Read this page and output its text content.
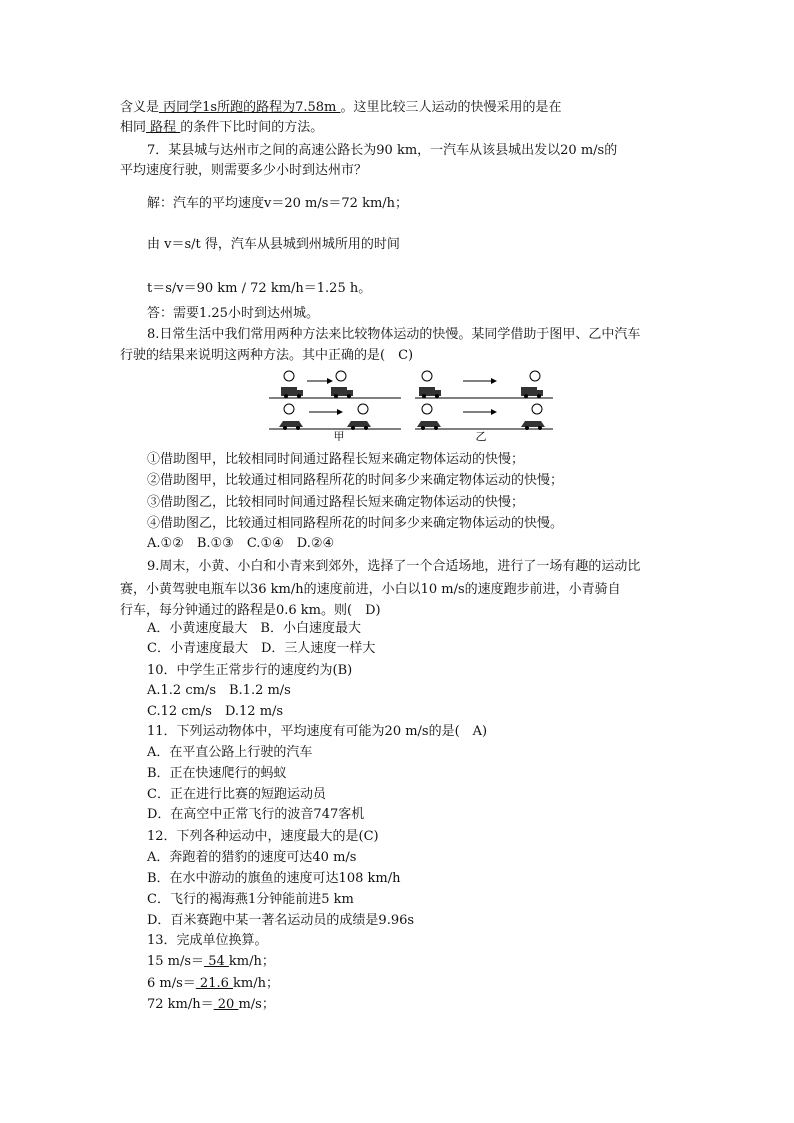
含义是 丙同学1s所跑的路程为7.58m 。这里比较三人运动的快慢采用的是在
相同 路程 的条件下比时间的方法。
7．某县城与达州市之间的高速公路长为90 km，一汽车从该县城出发以20 m/s的
平均速度行驶，则需要多少小时到达州市？
解：汽车的平均速度v＝20 m/s＝72 km/h；
由 v＝s/t 得，汽车从县城到州城所用的时间
t＝s/v＝90 km / 72 km/h＝1.25 h。
答：需要1.25小时到达州城。
8.日常生活中我们常用两种方法来比较物体运动的快慢。某同学借助于图甲、乙中汽车
行驶的结果来说明这两种方法。其中正确的是(　C)
甲	乙
①借助图甲，比较相同时间通过路程长短来确定物体运动的快慢；
②借助图甲，比较通过相同路程所花的时间多少来确定物体运动的快慢；
③借助图乙，比较相同时间通过路程长短来确定物体运动的快慢；
④借助图乙，比较通过相同路程所花的时间多少来确定物体运动的快慢。
A.①②　B.①③　C.①④　D.②④
9.周末，小黄、小白和小青来到郊外，选择了一个合适场地，进行了一场有趣的运动比
赛，小黄驾驶电瓶车以36 km/h的速度前进，小白以10 m/s的速度跑步前进，小青骑自
行车，每分钟通过的路程是0.6 km。则(　D)
A．小黄速度最大　B．小白速度最大
C．小青速度最大　D．三人速度一样大
10．中学生正常步行的速度约为(B)
A.1.2 cm/s　B.1.2 m/s
C.12 cm/s　D.12 m/s
11．下列运动物体中，平均速度有可能为20 m/s的是(　A)
A．在平直公路上行驶的汽车
B．正在快速爬行的蚂蚁
C．正在进行比赛的短跑运动员
D．在高空中正常飞行的波音747客机
12．下列各种运动中，速度最大的是(C)
A．奔跑着的猎豹的速度可达40 m/s
B．在水中游动的旗鱼的速度可达108 km/h
C．飞行的褐海燕1分钟能前进5 km
D．百米赛跑中某一著名运动员的成绩是9.96s
13．完成单位换算。
15 m/s＝ 54 km/h；
6 m/s＝ 21.6 km/h；
72 km/h＝ 20 m/s；
